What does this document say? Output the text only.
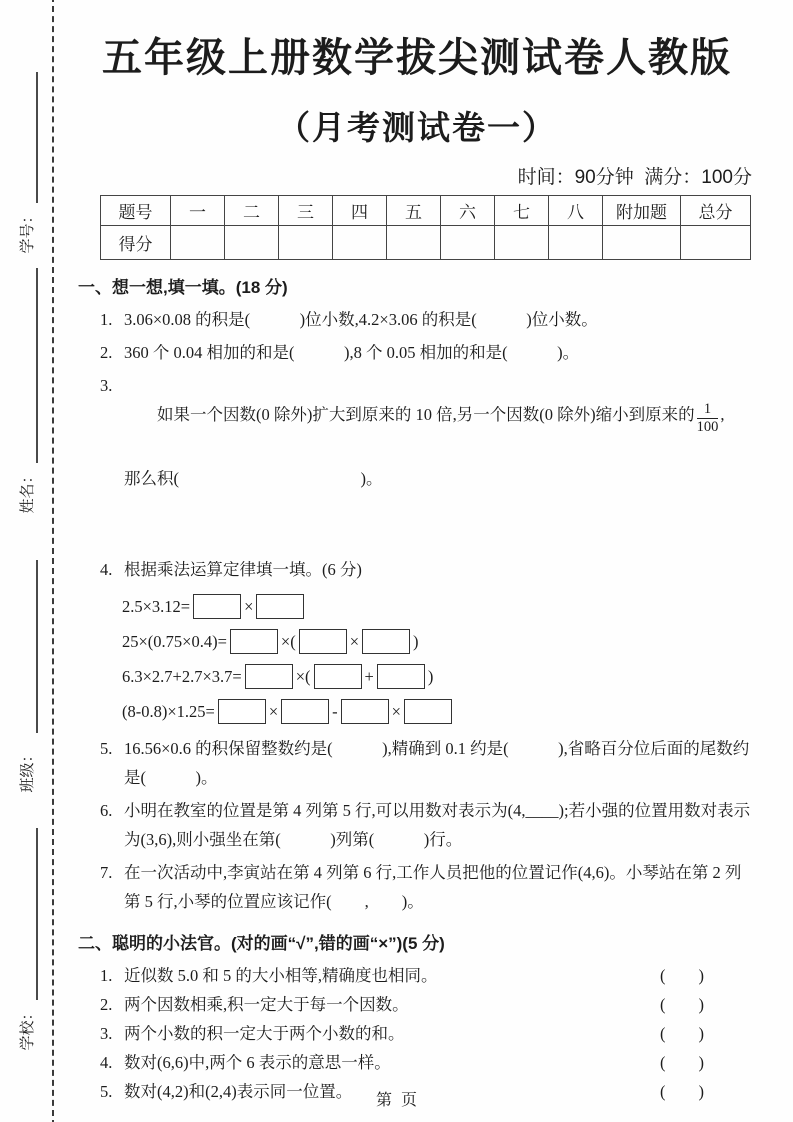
学号：
姓名：
班级：
学校：
五年级上册数学拔尖测试卷人教版
（月考测试卷一）
时间：90分钟  满分：100分
题号	一	二	三	四	五	六	七	八	附加题	总分
得分										
一、想一想,填一填。(18 分)
1. 3.06×0.08 的积是(            )位小数,4.2×3.06 的积是(            )位小数。
2. 360 个 0.04 相加的和是(            ),8 个 0.05 相加的和是(            )。
3.

如果一个因数(0 除外)扩大到原来的 10 倍,另一个因数(0 除外)缩小到原来的 $\frac{1}{100}$ ,

那么积(                                            )。

4. 根据乘法运算定律填一填。(6 分)
2.5×3.12=	×
25×(0.75×0.4)=	×(	×	)
6.3×2.7+2.7×3.7=	×(	+	)
(8-0.8)×1.25=	×	-	×
5. 16.56×0.6 的积保留整数约是(            ),精确到 0.1 约是(            ),省略百分位后面的尾数约是(            )。
6. 小明在教室的位置是第 4 列第 5 行,可以用数对表示为(4,____);若小强的位置用数对表示为(3,6),则小强坐在第(            )列第(            )行。
7. 在一次活动中,李寅站在第 4 列第 6 行,工作人员把他的位置记作(4,6)。小琴站在第 2 列第 5 行,小琴的位置应该记作(        ,        )。
二、聪明的小法官。(对的画“√”,错的画“×”)(5 分)
1. 近似数 5.0 和 5 的大小相等,精确度也相同。	(        )
2. 两个因数相乘,积一定大于每一个因数。	(        )
3. 两个小数的积一定大于两个小数的和。	(        )
4. 数对(6,6)中,两个 6 表示的意思一样。	(        )
5. 数对(4,2)和(2,4)表示同一位置。	(        )
第  页
